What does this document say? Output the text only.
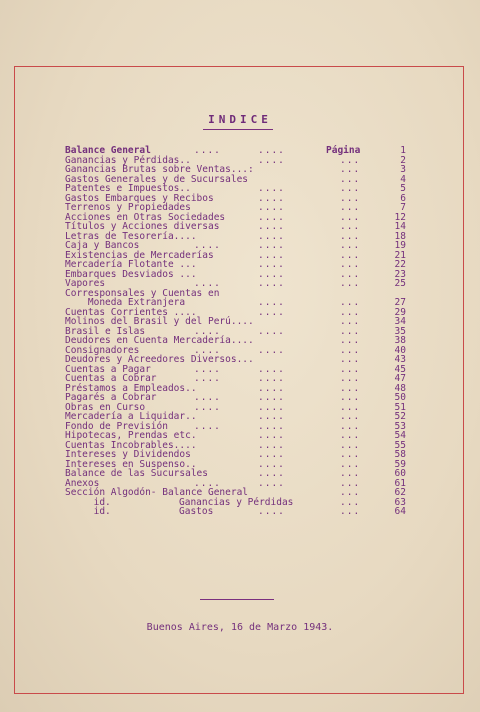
INDICE
Balance General	....	....	Página	1
Ganancias y Pérdidas..	....	...	2
Ganancias Brutas sobre Ventas...:	...	3
Gastos Generales y de Sucursales	...	4
Patentes e Impuestos..	....	...	5
Gastos Embarques y Recibos	....	...	6
Terrenos y Propiedades	....	...	7
Acciones en Otras Sociedades	....	...	12
Títulos y Acciones diversas	....	...	14
Letras de Tesorería....	....	...	18
Caja y Bancos	....	....	...	19
Existencias de Mercaderías	....	...	21
Mercadería Flotante ...	....	...	22
Embarques Desviados ...	....	...	23
Vapores	....	....	...	25
Corresponsales y Cuentas en
Moneda Extranjera	....	...	27
Cuentas Corrientes ....	....	...	29
Molinos del Brasil y del Perú....	...	34
Brasil e Islas	....	....	...	35
Deudores en Cuenta Mercadería....	...	38
Consignadores	....	....	...	40
Deudores y Acreedores Diversos...	...	43
Cuentas a Pagar	....	....	...	45
Cuentas a Cobrar	....	....	...	47
Préstamos a Empleados..	....	...	48
Pagarés a Cobrar	....	....	...	50
Obras en Curso	....	....	...	51
Mercadería a Liquidar..	....	...	52
Fondo de Previsión	....	....	...	53
Hipotecas, Prendas etc.	....	...	54
Cuentas Incobrables....	....	...	55
Intereses y Dividendos	....	...	58
Intereses en Suspenso..	....	...	59
Balance de las Sucursales	....	...	60
Anexos	....	....	...	61
Sección Algodón- Balance General	...	62
id.	Ganancias y Pérdidas	...	63
id.	Gastos	....	...	64
Buenos Aires, 16 de Marzo 1943.
